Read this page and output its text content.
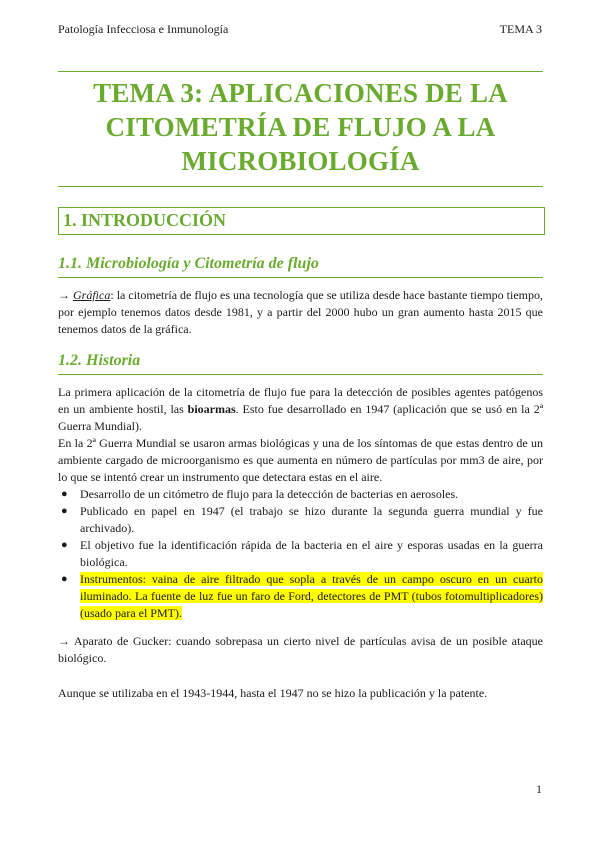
Patología Infecciosa e Inmunología	TEMA 3
TEMA 3: APLICACIONES DE LA
CITOMETRÍA DE FLUJO A LA
MICROBIOLOGÍA
1. INTRODUCCIÓN
1.1. Microbiología y Citometría de flujo

→ Gráfica: la citometría de flujo es una tecnología que se utiliza desde hace bastante tiempo tiempo, por ejemplo tenemos datos desde 1981, y a partir del 2000 hubo un gran aumento hasta 2015 que tenemos datos de la gráfica.

1.2. Historia

La primera aplicación de la citometría de flujo fue para la detección de posibles agentes patógenos en un ambiente hostil, las bioarmas. Esto fue desarrollado en 1947 (aplicación que se usó en la 2ª Guerra Mundial).

En la 2ª Guerra Mundial se usaron armas biológicas y una de los síntomas de que estas dentro de un ambiente cargado de microorganismo es que aumenta en número de partículas por mm3 de aire, por lo que se intentó crear un instrumento que detectara estas en el aire.

● Desarrollo de un citómetro de flujo para la detección de bacterias en aerosoles.
● Publicado en papel en 1947 (el trabajo se hizo durante la segunda guerra mundial y fue archivado).
● El objetivo fue la identificación rápida de la bacteria en el aire y esporas usadas en la guerra biológica.
● Instrumentos: vaina de aire filtrado que sopla a través de un campo oscuro en un cuarto iluminado. La fuente de luz fue un faro de Ford, detectores de PMT (tubos fotomultiplicadores) (usado para el PMT).

→ Aparato de Gucker: cuando sobrepasa un cierto nivel de partículas avisa de un posible ataque biológico.

Aunque se utilizaba en el 1943-1944, hasta el 1947 no se hizo la publicación y la patente.

1
